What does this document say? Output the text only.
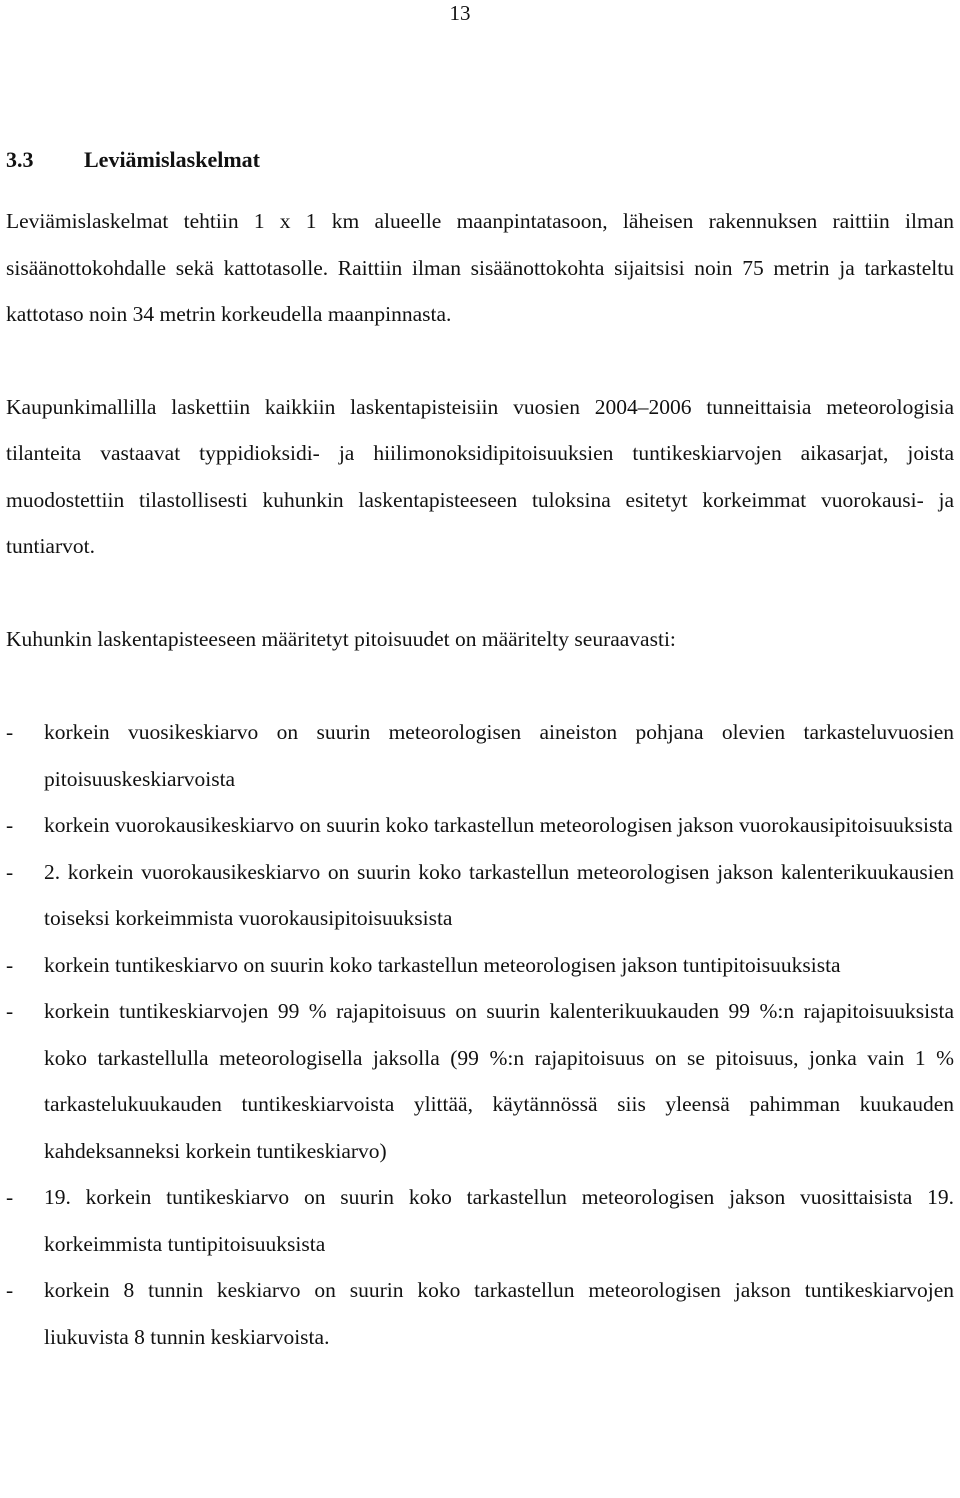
13
3.3 Leviämislaskelmat

Leviämislaskelmat tehtiin 1 x 1 km alueelle maanpintatasoon, läheisen rakennuksen raittiin ilman sisäänottokohdalle sekä kattotasolle. Raittiin ilman sisäänottokohta sijaitsisi noin 75 metrin ja tarkasteltu kattotaso noin 34 metrin korkeudella maanpinnasta.

Kaupunkimallilla laskettiin kaikkiin laskentapisteisiin vuosien 2004–2006 tunneittaisia meteorologisia tilanteita vastaavat typpidioksidi- ja hiilimonoksidipitoisuuksien tuntikeskiarvojen aikasarjat, joista muodostettiin tilastollisesti kuhunkin laskentapisteeseen tuloksina esitetyt korkeimmat vuorokausi- ja tuntiarvot.

Kuhunkin laskentapisteeseen määritetyt pitoisuudet on määritelty seuraavasti:

- korkein vuosikeskiarvo on suurin meteorologisen aineiston pohjana olevien tarkasteluvuosien pitoisuuskeskiarvoista
- korkein vuorokausikeskiarvo on suurin koko tarkastellun meteorologisen jakson vuorokausipitoisuuksista
- 2. korkein vuorokausikeskiarvo on suurin koko tarkastellun meteorologisen jakson kalenterikuukausien toiseksi korkeimmista vuorokausipitoisuuksista
- korkein tuntikeskiarvo on suurin koko tarkastellun meteorologisen jakson tuntipitoisuuksista
- korkein tuntikeskiarvojen 99 % rajapitoisuus on suurin kalenterikuukauden 99 %:n rajapitoisuuksista koko tarkastellulla meteorologisella jaksolla (99 %:n rajapitoisuus on se pitoisuus, jonka vain 1 % tarkastelukuukauden tuntikeskiarvoista ylittää, käytännössä siis yleensä pahimman kuukauden kahdeksanneksi korkein tuntikeskiarvo)
- 19. korkein tuntikeskiarvo on suurin koko tarkastellun meteorologisen jakson vuosittaisista 19. korkeimmista tuntipitoisuuksista
- korkein 8 tunnin keskiarvo on suurin koko tarkastellun meteorologisen jakson tuntikeskiarvojen liukuvista 8 tunnin keskiarvoista.
